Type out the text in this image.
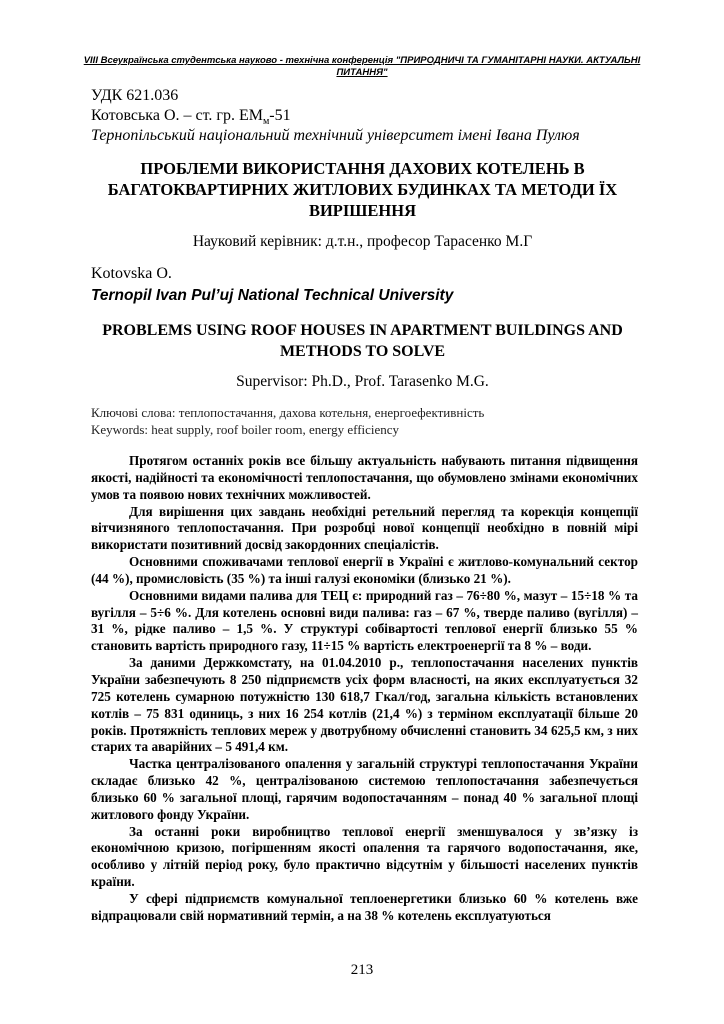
VIII Всеукраїнська студентська науково - технічна конференція "ПРИРОДНИЧІ ТА ГУМАНІТАРНІ НАУКИ. АКТУАЛЬНІ ПИТАННЯ"
УДК 621.036
Котовська О. – ст. гр. $ЕМ_м-51$
Тернопільський національний технічний університет імені Івана Пулюя
ПРОБЛЕМИ ВИКОРИСТАННЯ ДАХОВИХ КОТЕЛЕНЬ В БАГАТОКВАРТИРНИХ ЖИТЛОВИХ БУДИНКАХ ТА МЕТОДИ ЇХ ВИРІШЕННЯ
Науковий керівник: д.т.н., професор Тарасенко М.Г
Kotovska O.
Ternopil Ivan Pul’uj National Technical University
PROBLEMS USING ROOF HOUSES IN APARTMENT BUILDINGS AND METHODS TO SOLVE
Supervisor: Ph.D., Prof. Tarasenko M.G.
Ключові слова: теплопостачання, дахова котельня, енергоефективність
Keywords: heat supply, roof boiler room, energy efficiency

Протягом останніх років все більшу актуальність набувають питання підвищення якості, надійності та економічності теплопостачання, що обумовлено змінами економічних умов та появою нових технічних можливостей.

Для вирішення цих завдань необхідні ретельний перегляд та корекція концепції вітчизняного теплопостачання. При розробці нової концепції необхідно в повній мірі використати позитивний досвід закордонних спеціалістів.

Основними споживачами теплової енергії в Україні є житлово-комунальний сектор (44 %), промисловість (35 %) та інші галузі економіки (близько 21 %).

Основними видами палива для ТЕЦ є: природний газ – 76÷80 %, мазут – 15÷18 % та вугілля – 5÷6 %. Для котелень основні види палива: газ – 67 %, тверде паливо (вугілля) – 31 %, рідке паливо – 1,5 %. У структурі собівартості теплової енергії близько 55 % становить вартість природного газу, 11÷15 % вартість електроенергії та 8 % – води.

За даними Держкомстату, на 01.04.2010 р., теплопостачання населених пунктів України забезпечують 8 250 підприємств усіх форм власності, на яких експлуатується 32 725 котелень сумарною потужністю 130 618,7 Гкал/год, загальна кількість встановлених котлів – 75 831 одиниць, з них 16 254 котлів (21,4 %) з терміном експлуатації більше 20 років. Протяжність теплових мереж у двотрубному обчисленні становить 34 625,5 км, з них старих та аварійних – 5 491,4 км.

Частка централізованого опалення у загальній структурі теплопостачання України складає близько 42 %, централізованою системою теплопостачання забезпечується близько 60 % загальної площі, гарячим водопостачанням – понад 40 % загальної площі житлового фонду України.

За останні роки виробництво теплової енергії зменшувалося у зв’язку із економічною кризою, погіршенням якості опалення та гарячого водопостачання, яке, особливо у літній період року, було практично відсутнім у більшості населених пунктів країни.

У сфері підприємств комунальної теплоенергетики близько 60 % котелень вже відпрацювали свій нормативний термін, а на 38 % котелень експлуатуються

213
